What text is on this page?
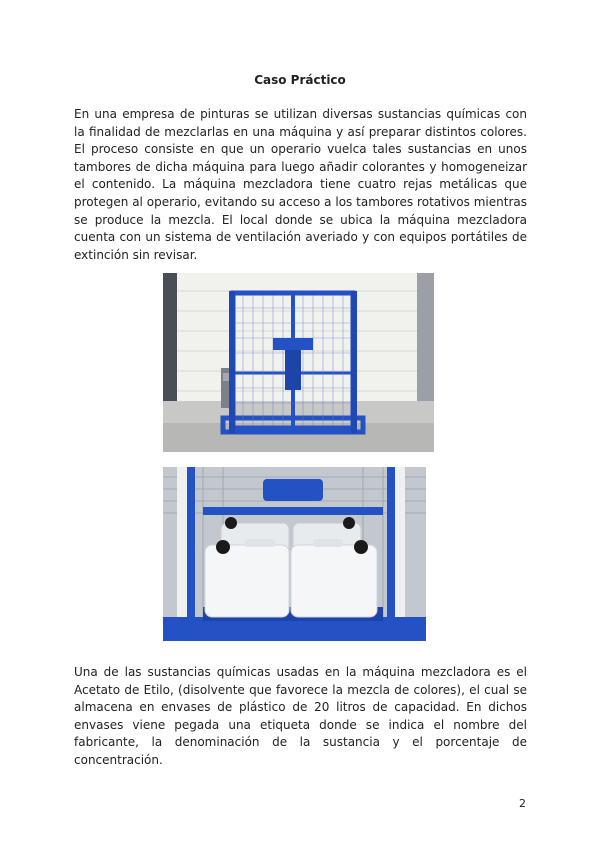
Caso Práctico

En una empresa de pinturas se utilizan diversas sustancias químicas con la finalidad de mezclarlas en una máquina y así preparar distintos colores. El proceso consiste en que un operario vuelca tales sustancias en unos tambores de dicha máquina para luego añadir colorantes y homogeneizar el contenido. La máquina mezcladora tiene cuatro rejas metálicas que protegen al operario, evitando su acceso a los tambores rotativos mientras se produce la mezcla. El local donde se ubica la máquina mezcladora cuenta con un sistema de ventilación averiado y con equipos portátiles de extinción sin revisar.

Una de las sustancias químicas usadas en la máquina mezcladora es el Acetato de Etilo, (disolvente que favorece la mezcla de colores), el cual se almacena en envases de plástico de 20 litros de capacidad. En dichos envases viene pegada una etiqueta donde se indica el nombre del fabricante, la denominación de la sustancia y el porcentaje de concentración.

2
